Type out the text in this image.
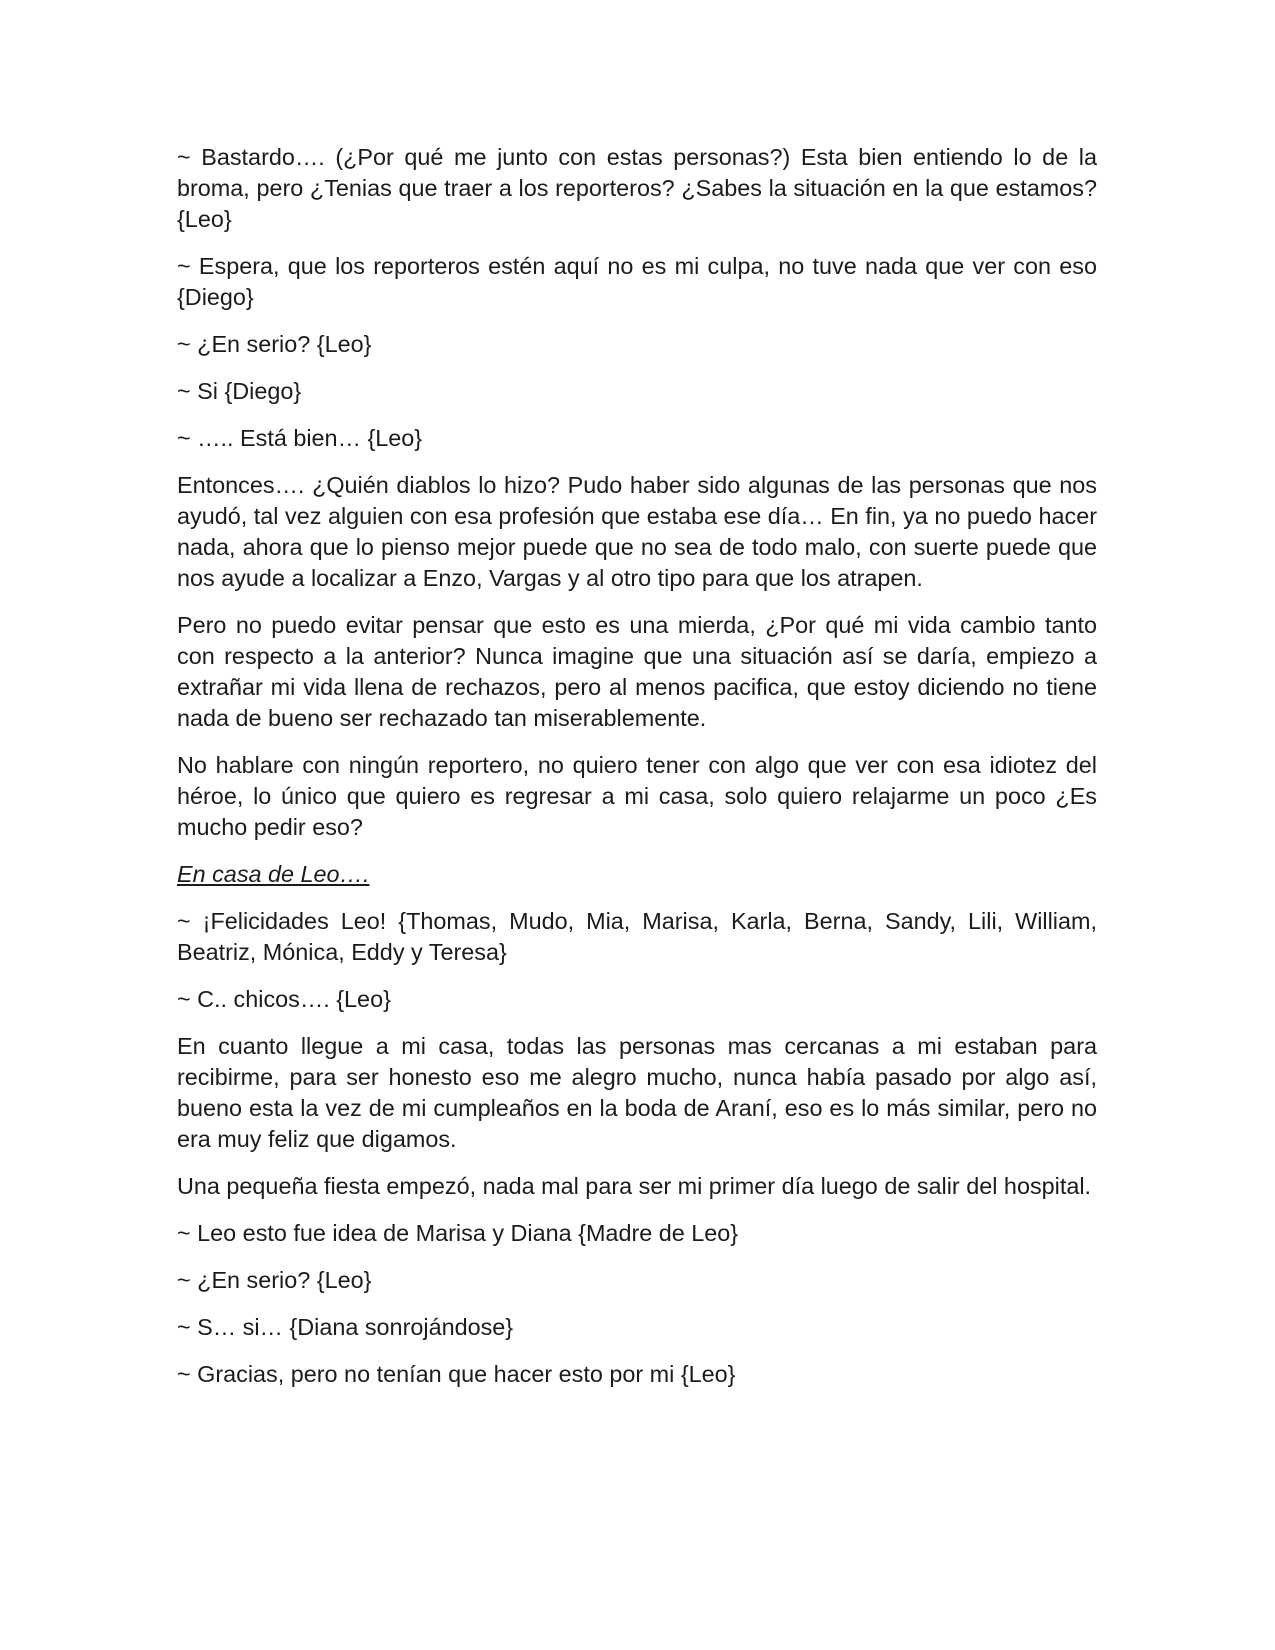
~ Bastardo…. (¿Por qué me junto con estas personas?) Esta bien entiendo lo de la broma, pero ¿Tenias que traer a los reporteros? ¿Sabes la situación en la que estamos? {Leo}

~ Espera, que los reporteros estén aquí no es mi culpa, no tuve nada que ver con eso {Diego}

~ ¿En serio? {Leo}

~ Si {Diego}

~ ….. Está bien… {Leo}

Entonces…. ¿Quién diablos lo hizo? Pudo haber sido algunas de las personas que nos ayudó, tal vez alguien con esa profesión que estaba ese día… En fin, ya no puedo hacer nada, ahora que lo pienso mejor puede que no sea de todo malo, con suerte puede que nos ayude a localizar a Enzo, Vargas y al otro tipo para que los atrapen.

Pero no puedo evitar pensar que esto es una mierda, ¿Por qué mi vida cambio tanto con respecto a la anterior? Nunca imagine que una situación así se daría, empiezo a extrañar mi vida llena de rechazos, pero al menos pacifica, que estoy diciendo no tiene nada de bueno ser rechazado tan miserablemente.

No hablare con ningún reportero, no quiero tener con algo que ver con esa idiotez del héroe, lo único que quiero es regresar a mi casa, solo quiero relajarme un poco ¿Es mucho pedir eso?

En casa de Leo….

~ ¡Felicidades Leo! {Thomas, Mudo, Mia, Marisa, Karla, Berna, Sandy, Lili, William, Beatriz, Mónica, Eddy y Teresa}

~ C.. chicos…. {Leo}

En cuanto llegue a mi casa, todas las personas mas cercanas a mi estaban para recibirme, para ser honesto eso me alegro mucho, nunca había pasado por algo así, bueno esta la vez de mi cumpleaños en la boda de Araní, eso es lo más similar, pero no era muy feliz que digamos.

Una pequeña fiesta empezó, nada mal para ser mi primer día luego de salir del hospital.

~ Leo esto fue idea de Marisa y Diana {Madre de Leo}

~ ¿En serio? {Leo}

~ S… si… {Diana sonrojándose}

~ Gracias, pero no tenían que hacer esto por mi {Leo}
